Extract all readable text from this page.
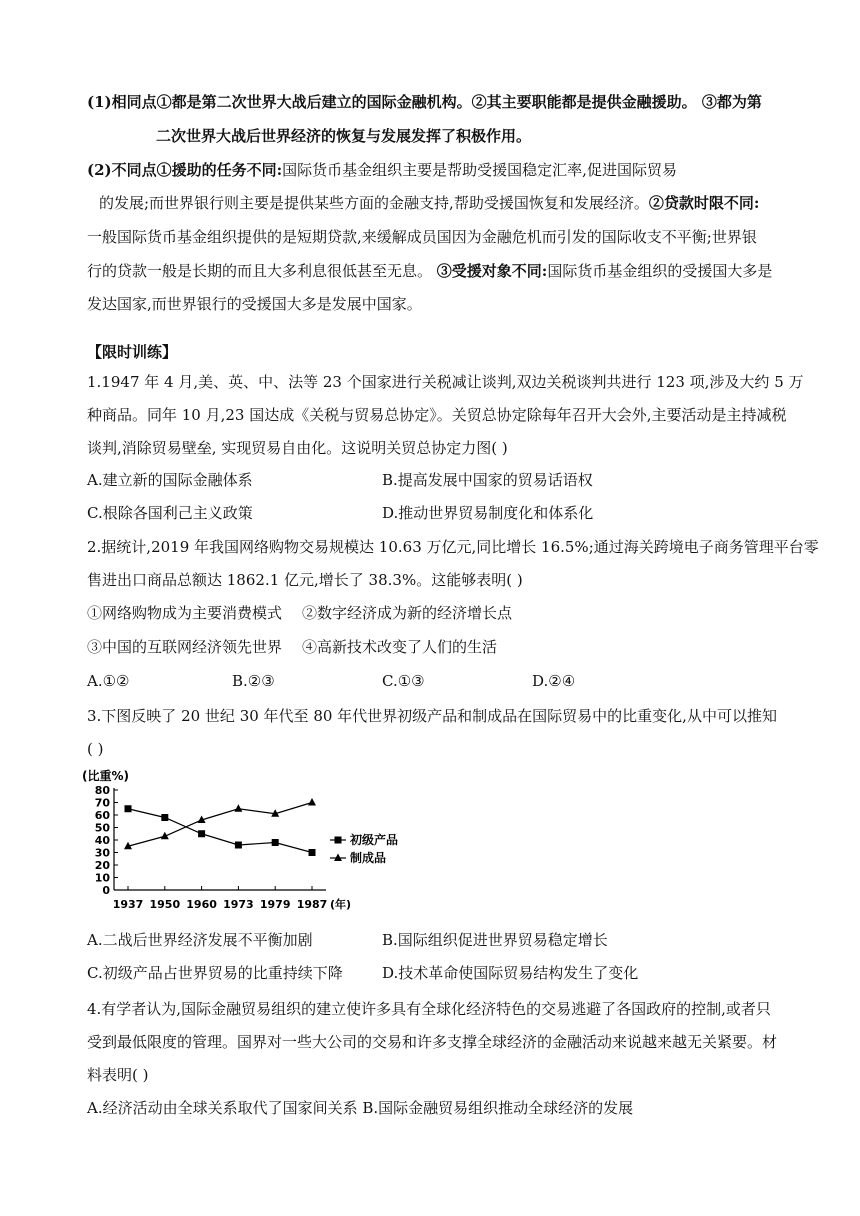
(1)相同点①都是第二次世界大战后建立的国际金融机构。②其主要职能都是提供金融援助。 ③都为第
二次世界大战后世界经济的恢复与发展发挥了积极作用。
(2)不同点①援助的任务不同:国际货币基金组织主要是帮助受援国稳定汇率,促进国际贸易
的发展;而世界银行则主要是提供某些方面的金融支持,帮助受援国恢复和发展经济。②贷款时限不同:
一般国际货币基金组织提供的是短期贷款,来缓解成员国因为金融危机而引发的国际收支不平衡;世界银
行的贷款一般是长期的而且大多利息很低甚至无息。 ③受援对象不同:国际货币基金组织的受援国大多是
发达国家,而世界银行的受援国大多是发展中国家。
【限时训练】
1.1947 年 4 月,美、英、中、法等 23 个国家进行关税减让谈判,双边关税谈判共进行 123 项,涉及大约 5 万
种商品。同年 10 月,23 国达成《关税与贸易总协定》。关贸总协定除每年召开大会外,主要活动是主持减税
谈判,消除贸易壁垒, 实现贸易自由化。这说明关贸总协定力图( )
A.建立新的国际金融体系	B.提高发展中国家的贸易话语权
C.根除各国利己主义政策	D.推动世界贸易制度化和体系化
2.据统计,2019 年我国网络购物交易规模达 10.63 万亿元,同比增长 16.5%;通过海关跨境电子商务管理平台零
售进出口商品总额达 1862.1 亿元,增长了 38.3%。这能够表明( )
①网络购物成为主要消费模式 ②数字经济成为新的经济增长点
③中国的互联网经济领先世界 ④高新技术改变了人们的生活
A.①②	B.②③	C.①③	D.②④
3.下图反映了 20 世纪 30 年代至 80 年代世界初级产品和制成品在国际贸易中的比重变化,从中可以推知
( )
(比重%)
80
70
60
50
40
30
20
10
0
1937 1950 1960 1973 1979 1987 (年)
初级产品
制成品
A.二战后世界经济发展不平衡加剧	B.国际组织促进世界贸易稳定增长
C.初级产品占世界贸易的比重持续下降	D.技术革命使国际贸易结构发生了变化
4.有学者认为,国际金融贸易组织的建立使许多具有全球化经济特色的交易逃避了各国政府的控制,或者只
受到最低限度的管理。国界对一些大公司的交易和许多支撑全球经济的金融活动来说越来越无关紧要。材
料表明( )
A.经济活动由全球关系取代了国家间关系 B.国际金融贸易组织推动全球经济的发展
